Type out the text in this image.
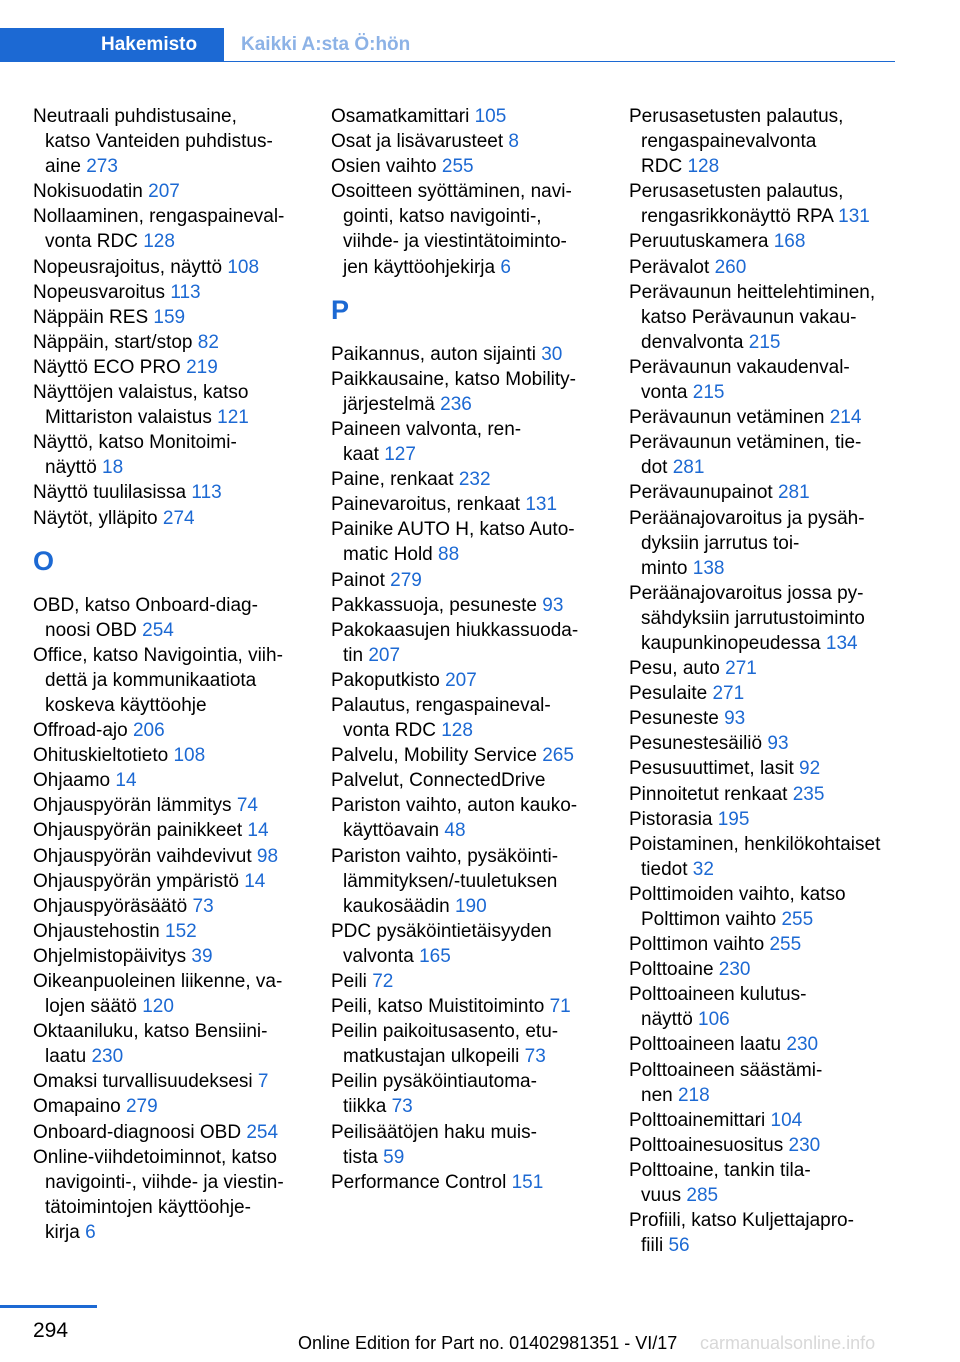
Hakemisto	Kaikki A:sta Ö:hön
Neutraali puhdistusaine,
katso Vanteiden puhdistus-
aine 273
Nokisuodatin 207
Nollaaminen, rengaspaineval-
vonta RDC 128
Nopeusrajoitus, näyttö 108
Nopeusvaroitus 113
Näppäin RES 159
Näppäin, start/stop 82
Näyttö ECO PRO 219
Näyttöjen valaistus, katso
Mittariston valaistus 121
Näyttö, katso Monitoimi-
näyttö 18
Näyttö tuulilasissa 113
Näytöt, ylläpito 274
O
OBD, katso Onboard-diag-
noosi OBD 254
Office, katso Navigointia, viih-
dettä ja kommunikaatiota
koskeva käyttöohje
Offroad-ajo 206
Ohituskieltotieto 108
Ohjaamo 14
Ohjauspyörän lämmitys 74
Ohjauspyörän painikkeet 14
Ohjauspyörän vaihdevivut 98
Ohjauspyörän ympäristö 14
Ohjauspyöräsäätö 73
Ohjaustehostin 152
Ohjelmistopäivitys 39
Oikeanpuoleinen liikenne, va-
lojen säätö 120
Oktaaniluku, katso Bensiini-
laatu 230
Omaksi turvallisuudeksesi 7
Omapaino 279
Onboard-diagnoosi OBD 254
Online-viihdetoiminnot, katso
navigointi-, viihde- ja viestin-
tätoimintojen käyttöohje-
kirja 6
Osamatkamittari 105
Osat ja lisävarusteet 8
Osien vaihto 255
Osoitteen syöttäminen, navi-
gointi, katso navigointi-,
viihde- ja viestintätoiminto-
jen käyttöohjekirja 6
P
Paikannus, auton sijainti 30
Paikkausaine, katso Mobility-
järjestelmä 236
Paineen valvonta, ren-
kaat 127
Paine, renkaat 232
Painevaroitus, renkaat 131
Painike AUTO H, katso Auto-
matic Hold 88
Painot 279
Pakkassuoja, pesuneste 93
Pakokaasujen hiukkassuoda-
tin 207
Pakoputkisto 207
Palautus, rengaspaineval-
vonta RDC 128
Palvelu, Mobility Service 265
Palvelut, ConnectedDrive
Pariston vaihto, auton kauko-
käyttöavain 48
Pariston vaihto, pysäköinti-
lämmityksen/-tuuletuksen
kaukosäädin 190
PDC pysäköintietäisyyden
valvonta 165
Peili 72
Peili, katso Muistitoiminto 71
Peilin paikoitusasento, etu-
matkustajan ulkopeili 73
Peilin pysäköintiautoma-
tiikka 73
Peilisäätöjen haku muis-
tista 59
Performance Control 151
Perusasetusten palautus,
rengaspainevalvonta
RDC 128
Perusasetusten palautus,
rengasrikkonäyttö RPA 131
Peruutuskamera 168
Perävalot 260
Perävaunun heittelehtiminen,
katso Perävaunun vakau-
denvalvonta 215
Perävaunun vakaudenval-
vonta 215
Perävaunun vetäminen 214
Perävaunun vetäminen, tie-
dot 281
Perävaunupainot 281
Peräänajovaroitus ja pysäh-
dyksiin jarrutus toi-
minto 138
Peräänajovaroitus jossa py-
sähdyksiin jarrutustoiminto
kaupunkinopeudessa 134
Pesu, auto 271
Pesulaite 271
Pesuneste 93
Pesunestesäiliö 93
Pesusuuttimet, lasit 92
Pinnoitetut renkaat 235
Pistorasia 195
Poistaminen, henkilökohtaiset
tiedot 32
Polttimoiden vaihto, katso
Polttimon vaihto 255
Polttimon vaihto 255
Polttoaine 230
Polttoaineen kulutus-
näyttö 106
Polttoaineen laatu 230
Polttoaineen säästämi-
nen 218
Polttoainemittari 104
Polttoainesuositus 230
Polttoaine, tankin tila-
vuus 285
Profiili, katso Kuljettajapro-
fiili 56
294
carmanualsonline.info
Online Edition for Part no. 01402981351 - VI/17
